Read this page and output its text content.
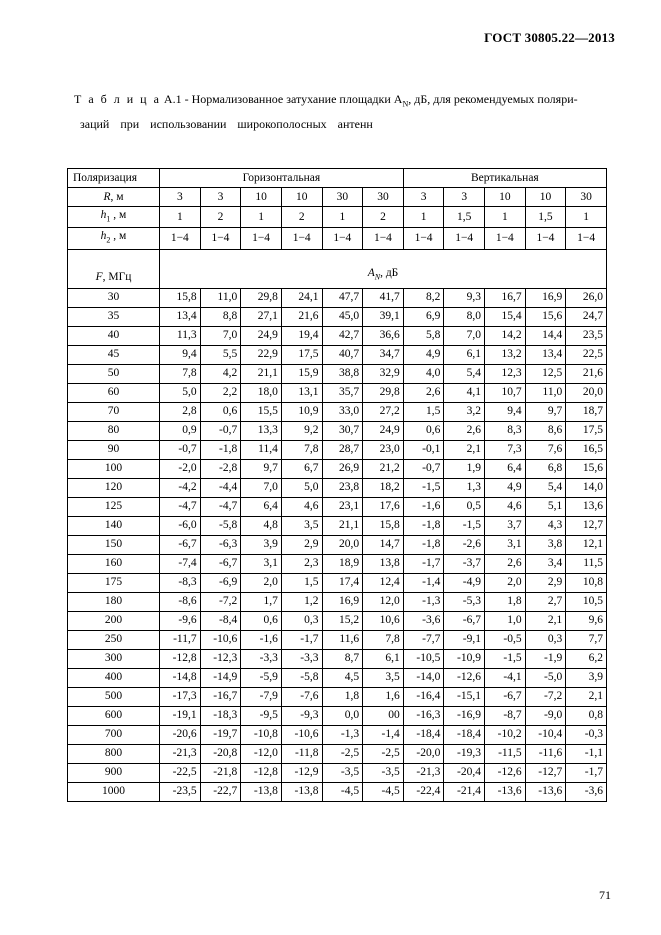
ГОСТ 30805.22—2013
Т а б л и ц а А.1 - Нормализованное затухание площадки $A_N$, дБ, для рекомендуемых поляри-
заций при использовании широкополосных антенн
Поляризация	Горизонтальная						Вертикальная				
R, м	3	3	10	10	30	30	3	3	10	10	30
$h_1$ , м	1	2	1	2	1	2	1	1,5	1	1,5	1
$h_2$ , м	1−4	1−4	1−4	1−4	1−4	1−4	1−4	1−4	1−4	1−4	1−4
F, МГц	$A_N$, дБ										
30	15,8	11,0	29,8	24,1	47,7	41,7	8,2	9,3	16,7	16,9	26,0
35	13,4	8,8	27,1	21,6	45,0	39,1	6,9	8,0	15,4	15,6	24,7
40	11,3	7,0	24,9	19,4	42,7	36,6	5,8	7,0	14,2	14,4	23,5
45	9,4	5,5	22,9	17,5	40,7	34,7	4,9	6,1	13,2	13,4	22,5
50	7,8	4,2	21,1	15,9	38,8	32,9	4,0	5,4	12,3	12,5	21,6
60	5,0	2,2	18,0	13,1	35,7	29,8	2,6	4,1	10,7	11,0	20,0
70	2,8	0,6	15,5	10,9	33,0	27,2	1,5	3,2	9,4	9,7	18,7
80	0,9	-0,7	13,3	9,2	30,7	24,9	0,6	2,6	8,3	8,6	17,5
90	-0,7	-1,8	11,4	7,8	28,7	23,0	-0,1	2,1	7,3	7,6	16,5
100	-2,0	-2,8	9,7	6,7	26,9	21,2	-0,7	1,9	6,4	6,8	15,6
120	-4,2	-4,4	7,0	5,0	23,8	18,2	-1,5	1,3	4,9	5,4	14,0
125	-4,7	-4,7	6,4	4,6	23,1	17,6	-1,6	0,5	4,6	5,1	13,6
140	-6,0	-5,8	4,8	3,5	21,1	15,8	-1,8	-1,5	3,7	4,3	12,7
150	-6,7	-6,3	3,9	2,9	20,0	14,7	-1,8	-2,6	3,1	3,8	12,1
160	-7,4	-6,7	3,1	2,3	18,9	13,8	-1,7	-3,7	2,6	3,4	11,5
175	-8,3	-6,9	2,0	1,5	17,4	12,4	-1,4	-4,9	2,0	2,9	10,8
180	-8,6	-7,2	1,7	1,2	16,9	12,0	-1,3	-5,3	1,8	2,7	10,5
200	-9,6	-8,4	0,6	0,3	15,2	10,6	-3,6	-6,7	1,0	2,1	9,6
250	-11,7	-10,6	-1,6	-1,7	11,6	7,8	-7,7	-9,1	-0,5	0,3	7,7
300	-12,8	-12,3	-3,3	-3,3	8,7	6,1	-10,5	-10,9	-1,5	-1,9	6,2
400	-14,8	-14,9	-5,9	-5,8	4,5	3,5	-14,0	-12,6	-4,1	-5,0	3,9
500	-17,3	-16,7	-7,9	-7,6	1,8	1,6	-16,4	-15,1	-6,7	-7,2	2,1
600	-19,1	-18,3	-9,5	-9,3	0,0	00	-16,3	-16,9	-8,7	-9,0	0,8
700	-20,6	-19,7	-10,8	-10,6	-1,3	-1,4	-18,4	-18,4	-10,2	-10,4	-0,3
800	-21,3	-20,8	-12,0	-11,8	-2,5	-2,5	-20,0	-19,3	-11,5	-11,6	-1,1
900	-22,5	-21,8	-12,8	-12,9	-3,5	-3,5	-21,3	-20,4	-12,6	-12,7	-1,7
1000	-23,5	-22,7	-13,8	-13,8	-4,5	-4,5	-22,4	-21,4	-13,6	-13,6	-3,6
71
